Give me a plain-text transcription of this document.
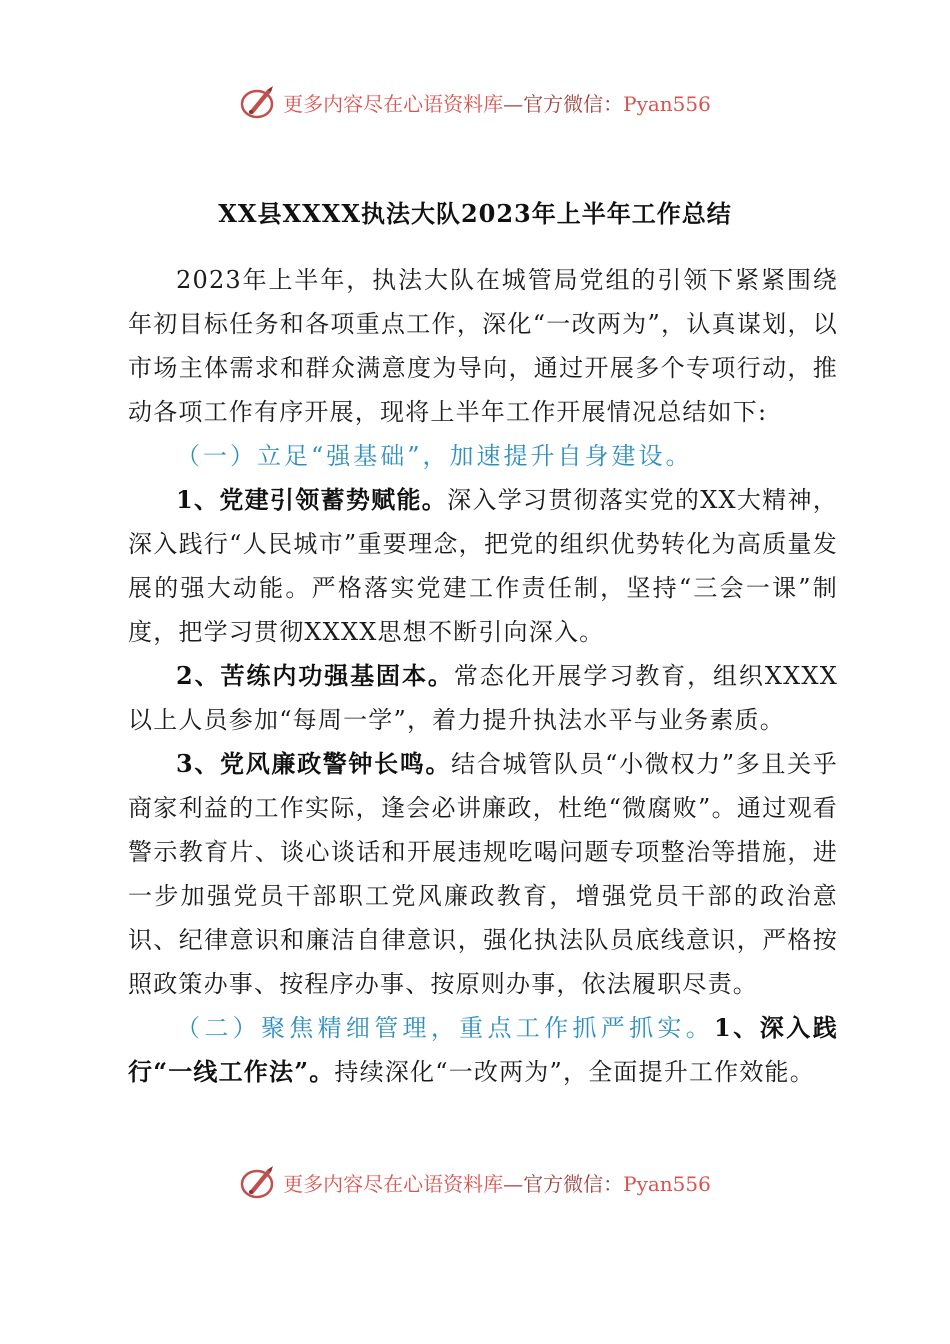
更多内容尽在心语资料库—官方微信：Pyan556
XX县XXXX执法大队2023年上半年工作总结

2023年上半年，执法大队在城管局党组的引领下紧紧围绕年初目标任务和各项重点工作，深化“一改两为”，认真谋划，以市场主体需求和群众满意度为导向，通过开展多个专项行动，推动各项工作有序开展，现将上半年工作开展情况总结如下:

（一）立足“强基础”，加速提升自身建设。

1、党建引领蓄势赋能。深入学习贯彻落实党的XX大精神，深入践行“人民城市”重要理念，把党的组织优势转化为高质量发展的强大动能。严格落实党建工作责任制，坚持“三会一课”制度，把学习贯彻XXXX思想不断引向深入。

2、苦练内功强基固本。常态化开展学习教育，组织XXXX以上人员参加“每周一学”，着力提升执法水平与业务素质。

3、党风廉政警钟长鸣。结合城管队员“小微权力”多且关乎商家利益的工作实际，逢会必讲廉政，杜绝“微腐败”。通过观看警示教育片、谈心谈话和开展违规吃喝问题专项整治等措施，进一步加强党员干部职工党风廉政教育，增强党员干部的政治意识、纪律意识和廉洁自律意识，强化执法队员底线意识，严格按照政策办事、按程序办事、按原则办事，依法履职尽责。

（二）聚焦精细管理，重点工作抓严抓实。1、深入践行“一线工作法”。持续深化“一改两为”，全面提升工作效能。

更多内容尽在心语资料库—官方微信：Pyan556
